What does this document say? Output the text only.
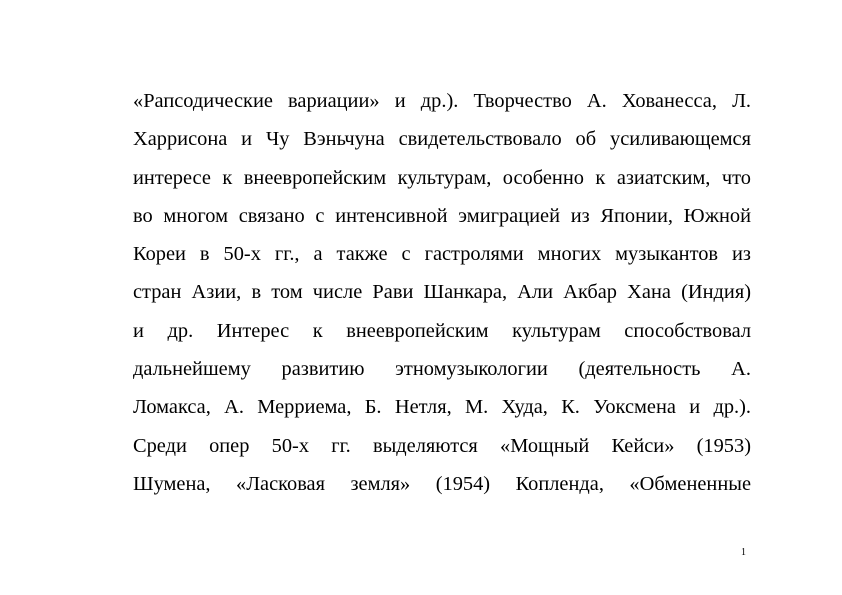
«Рапсодические вариации» и др.). Творчество А. Хованесса, Л.
Харрисона и Чу Вэньчуна свидетельствовало об усиливающемся
интересе к внеевропейским культурам, особенно к азиатским, что
во многом связано с интенсивной эмиграцией из Японии, Южной
Кореи в 50-х гг., а также с гастролями многих музыкантов из
стран Азии, в том числе Рави Шанкара, Али Акбар Хана (Индия)
и др. Интерес к внеевропейским культурам способствовал
дальнейшему развитию этномузыкологии (деятельность А.
Ломакса, А. Мерриема, Б. Нетля, М. Худа, К. Уоксмена и др.).
Среди опер 50-х гг. выделяются «Мощный Кейси» (1953)
Шумена, «Ласковая земля» (1954) Копленда, «Обмененные
1
